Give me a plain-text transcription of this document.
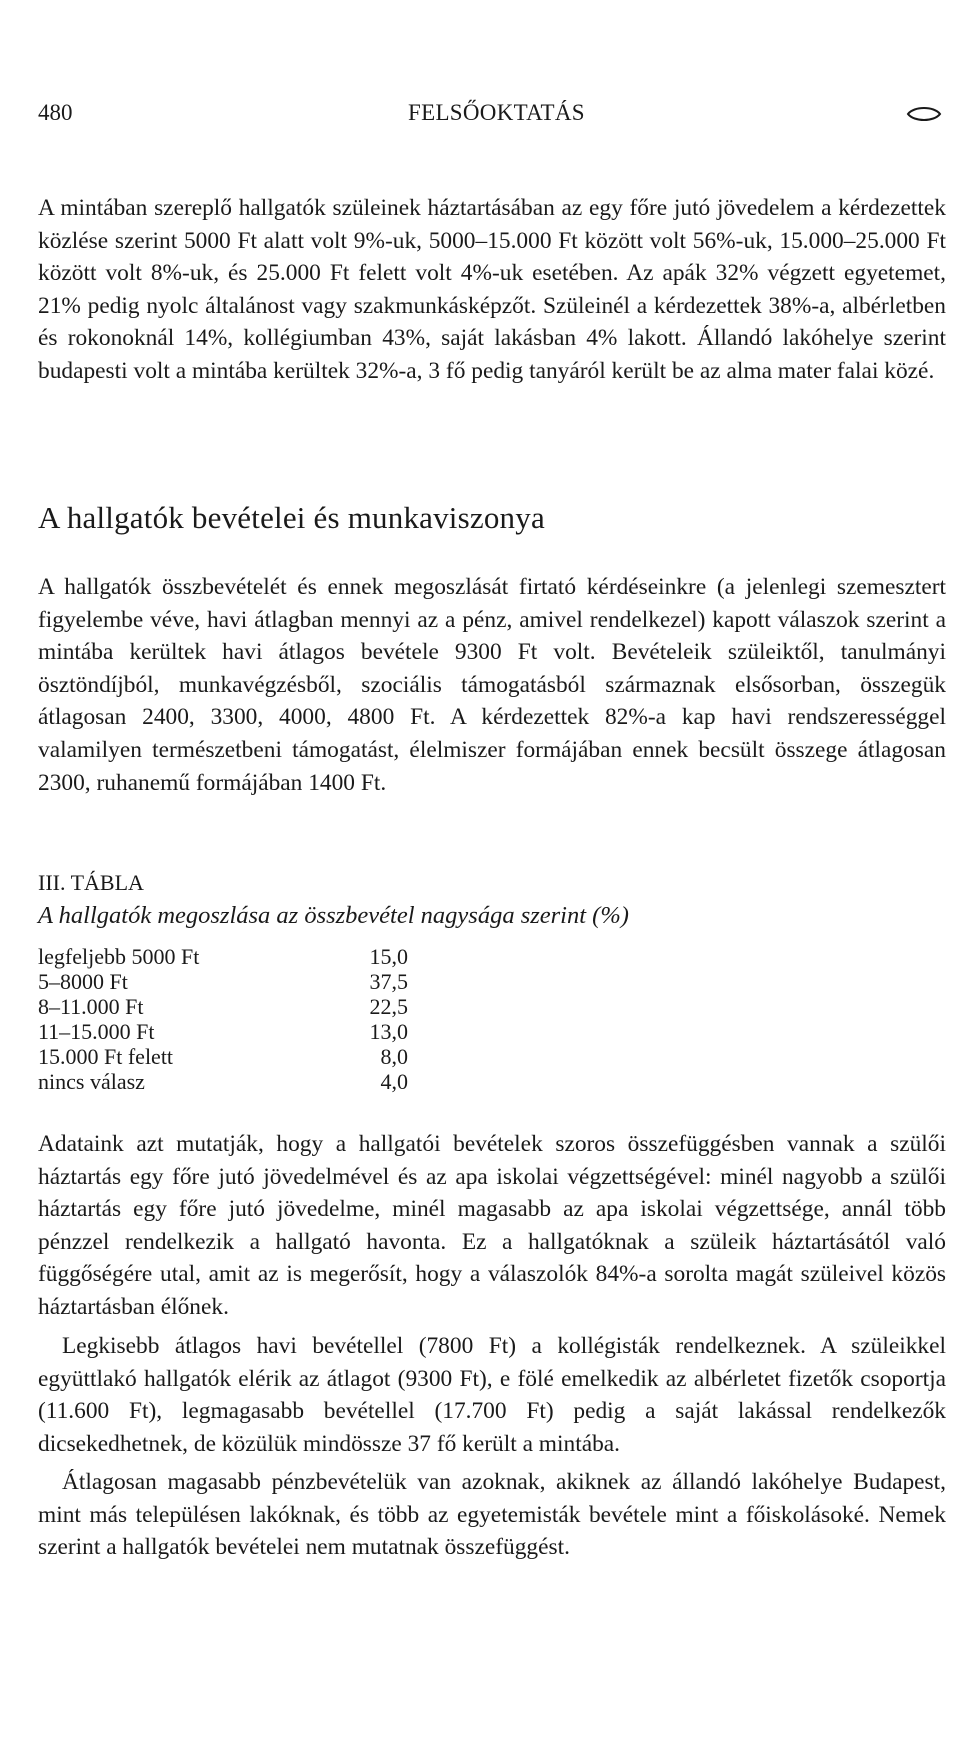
480	FELSŐOKTATÁS

A mintában szereplő hallgatók szüleinek háztartásában az egy főre jutó jövedelem a kérdezettek közlése szerint 5000 Ft alatt volt 9%-uk, 5000–15.000 Ft között volt 56%-uk, 15.000–25.000 Ft között volt 8%-uk, és 25.000 Ft felett volt 4%-uk esetében. Az apák 32% végzett egyetemet, 21% pedig nyolc általánost vagy szakmunkásképzőt. Szüleinél a kérdezettek 38%-a, albérletben és rokonoknál 14%, kollégiumban 43%, saját lakásban 4% lakott. Állandó lakóhelye szerint budapesti volt a mintába kerültek 32%-a, 3 fő pedig tanyáról került be az alma mater falai közé.

A hallgatók bevételei és munkaviszonya

A hallgatók összbevételét és ennek megoszlását firtató kérdéseinkre (a jelenlegi szemesztert figyelembe véve, havi átlagban mennyi az a pénz, amivel rendelkezel) kapott válaszok szerint a mintába kerültek havi átlagos bevétele 9300 Ft volt. Bevételeik szüleiktől, tanulmányi ösztöndíjból, munkavégzésből, szociális támogatásból származnak elsősorban, összegük átlagosan 2400, 3300, 4000, 4800 Ft. A kérdezettek 82%-a kap havi rendszerességgel valamilyen természetbeni támogatást, élelmiszer formájában ennek becsült összege átlagosan 2300, ruhanemű formájában 1400 Ft.

III. TÁBLA
A hallgatók megoszlása az összbevétel nagysága szerint (%)
legfeljebb 5000 Ft	15,0
5–8000 Ft	37,5
8–11.000 Ft	22,5
11–15.000 Ft	13,0
15.000 Ft felett	8,0
nincs válasz	4,0

Adataink azt mutatják, hogy a hallgatói bevételek szoros összefüggésben vannak a szülői háztartás egy főre jutó jövedelmével és az apa iskolai végzettségével: minél nagyobb a szülői háztartás egy főre jutó jövedelme, minél magasabb az apa iskolai végzettsége, annál több pénzzel rendelkezik a hallgató havonta. Ez a hallgatóknak a szüleik háztartásától való függőségére utal, amit az is megerősít, hogy a válaszolók 84%-a sorolta magát szüleivel közös háztartásban élőnek.

Legkisebb átlagos havi bevétellel (7800 Ft) a kollégisták rendelkeznek. A szüleikkel együttlakó hallgatók elérik az átlagot (9300 Ft), e fölé emelkedik az albérletet fizetők csoportja (11.600 Ft), legmagasabb bevétellel (17.700 Ft) pedig a saját lakással rendelkezők dicsekedhetnek, de közülük mindössze 37 fő került a mintába.

Átlagosan magasabb pénzbevételük van azoknak, akiknek az állandó lakóhelye Budapest, mint más településen lakóknak, és több az egyetemisták bevétele mint a főiskolásoké. Nemek szerint a hallgatók bevételei nem mutatnak összefüggést.
